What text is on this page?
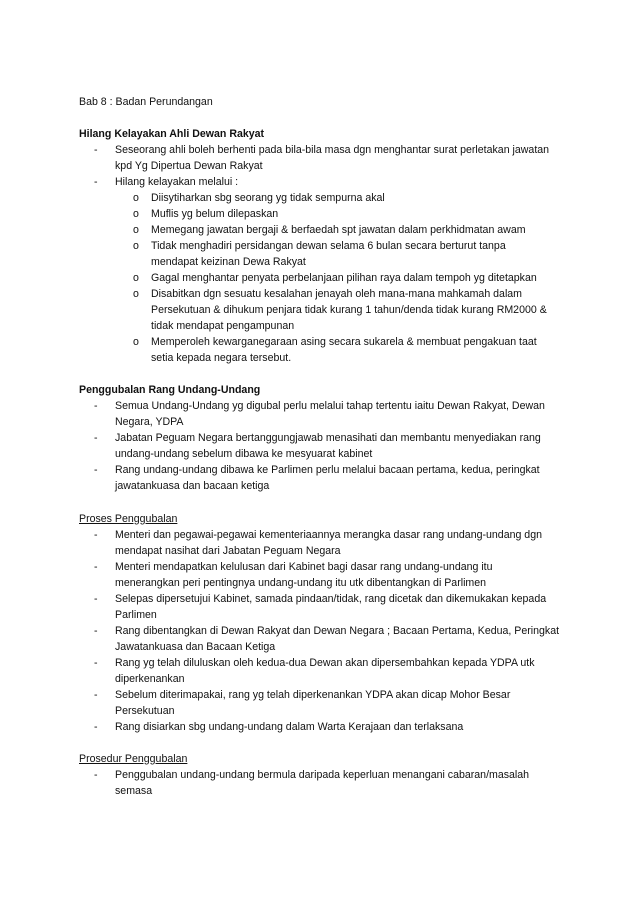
Bab 8 : Badan Perundangan
Hilang Kelayakan Ahli Dewan Rakyat
- Seseorang ahli boleh berhenti pada bila-bila masa dgn menghantar surat perletakan jawatan
kpd Yg Dipertua Dewan Rakyat
- Hilang kelayakan melalui :
o Diisytiharkan sbg seorang yg tidak sempurna akal
o Muflis yg belum dilepaskan
o Memegang jawatan bergaji & berfaedah spt jawatan dalam perkhidmatan awam
o Tidak menghadiri persidangan dewan selama 6 bulan secara berturut tanpa
mendapat keizinan Dewa Rakyat
o Gagal menghantar penyata perbelanjaan pilihan raya dalam tempoh yg ditetapkan
o Disabitkan dgn sesuatu kesalahan jenayah oleh mana-mana mahkamah dalam
Persekutuan & dihukum penjara tidak kurang 1 tahun/denda tidak kurang RM2000 &
tidak mendapat pengampunan
o Memperoleh kewarganegaraan asing secara sukarela & membuat pengakuan taat
setia kepada negara tersebut.
Penggubalan Rang Undang-Undang
- Semua Undang-Undang yg digubal perlu melalui tahap tertentu iaitu Dewan Rakyat, Dewan
Negara, YDPA
- Jabatan Peguam Negara bertanggungjawab menasihati dan membantu menyediakan rang
undang-undang sebelum dibawa ke mesyuarat kabinet
- Rang undang-undang dibawa ke Parlimen perlu melalui bacaan pertama, kedua, peringkat
jawatankuasa dan bacaan ketiga
Proses Penggubalan
- Menteri dan pegawai-pegawai kementeriaannya merangka dasar rang undang-undang dgn
mendapat nasihat dari Jabatan Peguam Negara
- Menteri mendapatkan kelulusan dari Kabinet bagi dasar rang undang-undang itu
menerangkan peri pentingnya undang-undang itu utk dibentangkan di Parlimen
- Selepas dipersetujui Kabinet, samada pindaan/tidak, rang dicetak dan dikemukakan kepada
Parlimen
- Rang dibentangkan di Dewan Rakyat dan Dewan Negara ; Bacaan Pertama, Kedua, Peringkat
Jawatankuasa dan Bacaan Ketiga
- Rang yg telah diluluskan oleh kedua-dua Dewan akan dipersembahkan kepada YDPA utk
diperkenankan
- Sebelum diterimapakai, rang yg telah diperkenankan YDPA akan dicap Mohor Besar
Persekutuan
- Rang disiarkan sbg undang-undang dalam Warta Kerajaan dan terlaksana
Prosedur Penggubalan
- Penggubalan undang-undang bermula daripada keperluan menangani cabaran/masalah
semasa
